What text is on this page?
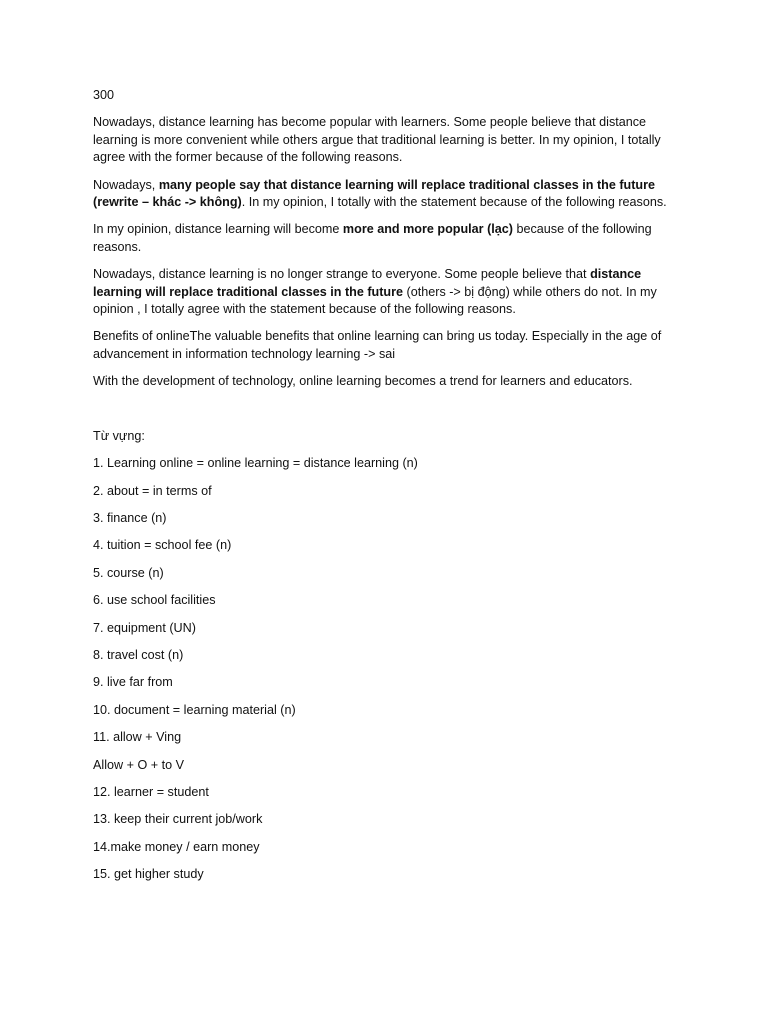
300

Nowadays, distance learning has become popular with learners. Some people believe that distance learning is more convenient while others argue that traditional learning is better. In my opinion, I totally agree with the former because of the following reasons.

Nowadays, many people say that distance learning will replace traditional classes in the future (rewrite – khác -> không). In my opinion, I totally with the statement because of the following reasons.

In my opinion, distance learning will become more and more popular (lạc) because of the following reasons.

Nowadays, distance learning is no longer strange to everyone. Some people believe that distance learning will replace traditional classes in the future (others -> bị động) while others do not. In my opinion , I totally agree with the statement because of the following reasons.

Benefits of onlineThe valuable benefits that online learning can bring us today. Especially in the age of advancement in information technology learning -> sai

With the development of technology, online learning becomes a trend for learners and educators.

Từ vựng:

1. Learning online = online learning = distance learning (n)

2. about = in terms of

3. finance (n)

4. tuition = school fee (n)

5. course (n)

6. use school facilities

7. equipment (UN)

8. travel cost (n)

9. live far from

10. document = learning material (n)

11. allow + Ving

Allow + O + to V

12. learner = student

13. keep their current job/work

14.make money / earn money

15. get higher study
